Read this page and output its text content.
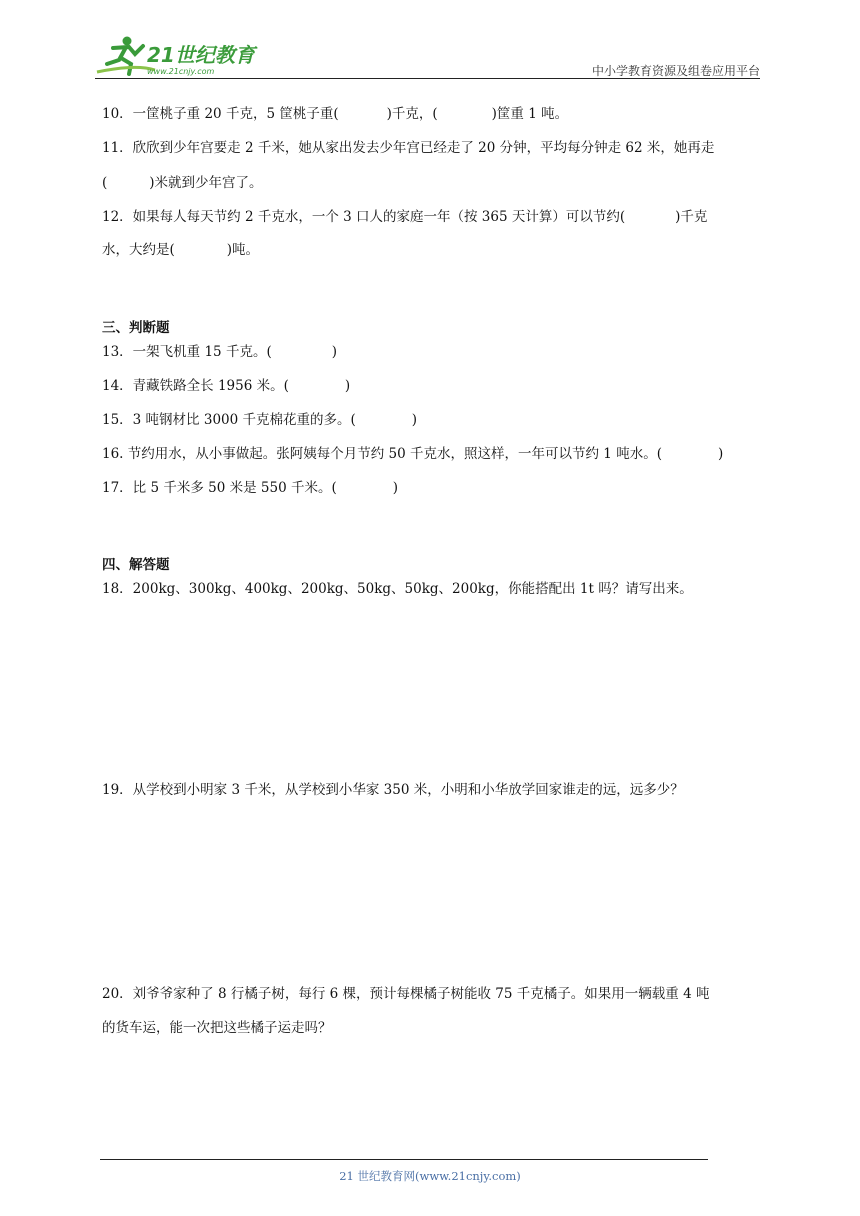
21世纪教育
www.21cnjy.com	中小学教育资源及组卷应用平台
10．一筐桃子重 20 千克，5 筐桃子重(	)千克，(	)筐重 1 吨。
11．欣欣到少年宫要走 2 千米，她从家出发去少年宫已经走了 20 分钟，平均每分钟走 62 米，她再走
(	)米就到少年宫了。
12．如果每人每天节约 2 千克水，一个 3 口人的家庭一年（按 365 天计算）可以节约(	)千克
水，大约是(	)吨。
三、判断题
13．一架飞机重 15 千克。(	)
14．青藏铁路全长 1956 米。(	)
15．3 吨钢材比 3000 千克棉花重的多。(	)
16. 节约用水，从小事做起。张阿姨每个月节约 50 千克水，照这样，一年可以节约 1 吨水。(	)
17．比 5 千米多 50 米是 550 千米。(	)
四、解答题
18．200kg、300kg、400kg、200kg、50kg、50kg、200kg，你能搭配出 1t 吗？请写出来。
19．从学校到小明家 3 千米，从学校到小华家 350 米，小明和小华放学回家谁走的远，远多少？
20．刘爷爷家种了 8 行橘子树，每行 6 棵，预计每棵橘子树能收 75 千克橘子。如果用一辆载重 4 吨
的货车运，能一次把这些橘子运走吗？
21 世纪教育网(www.21cnjy.com)
